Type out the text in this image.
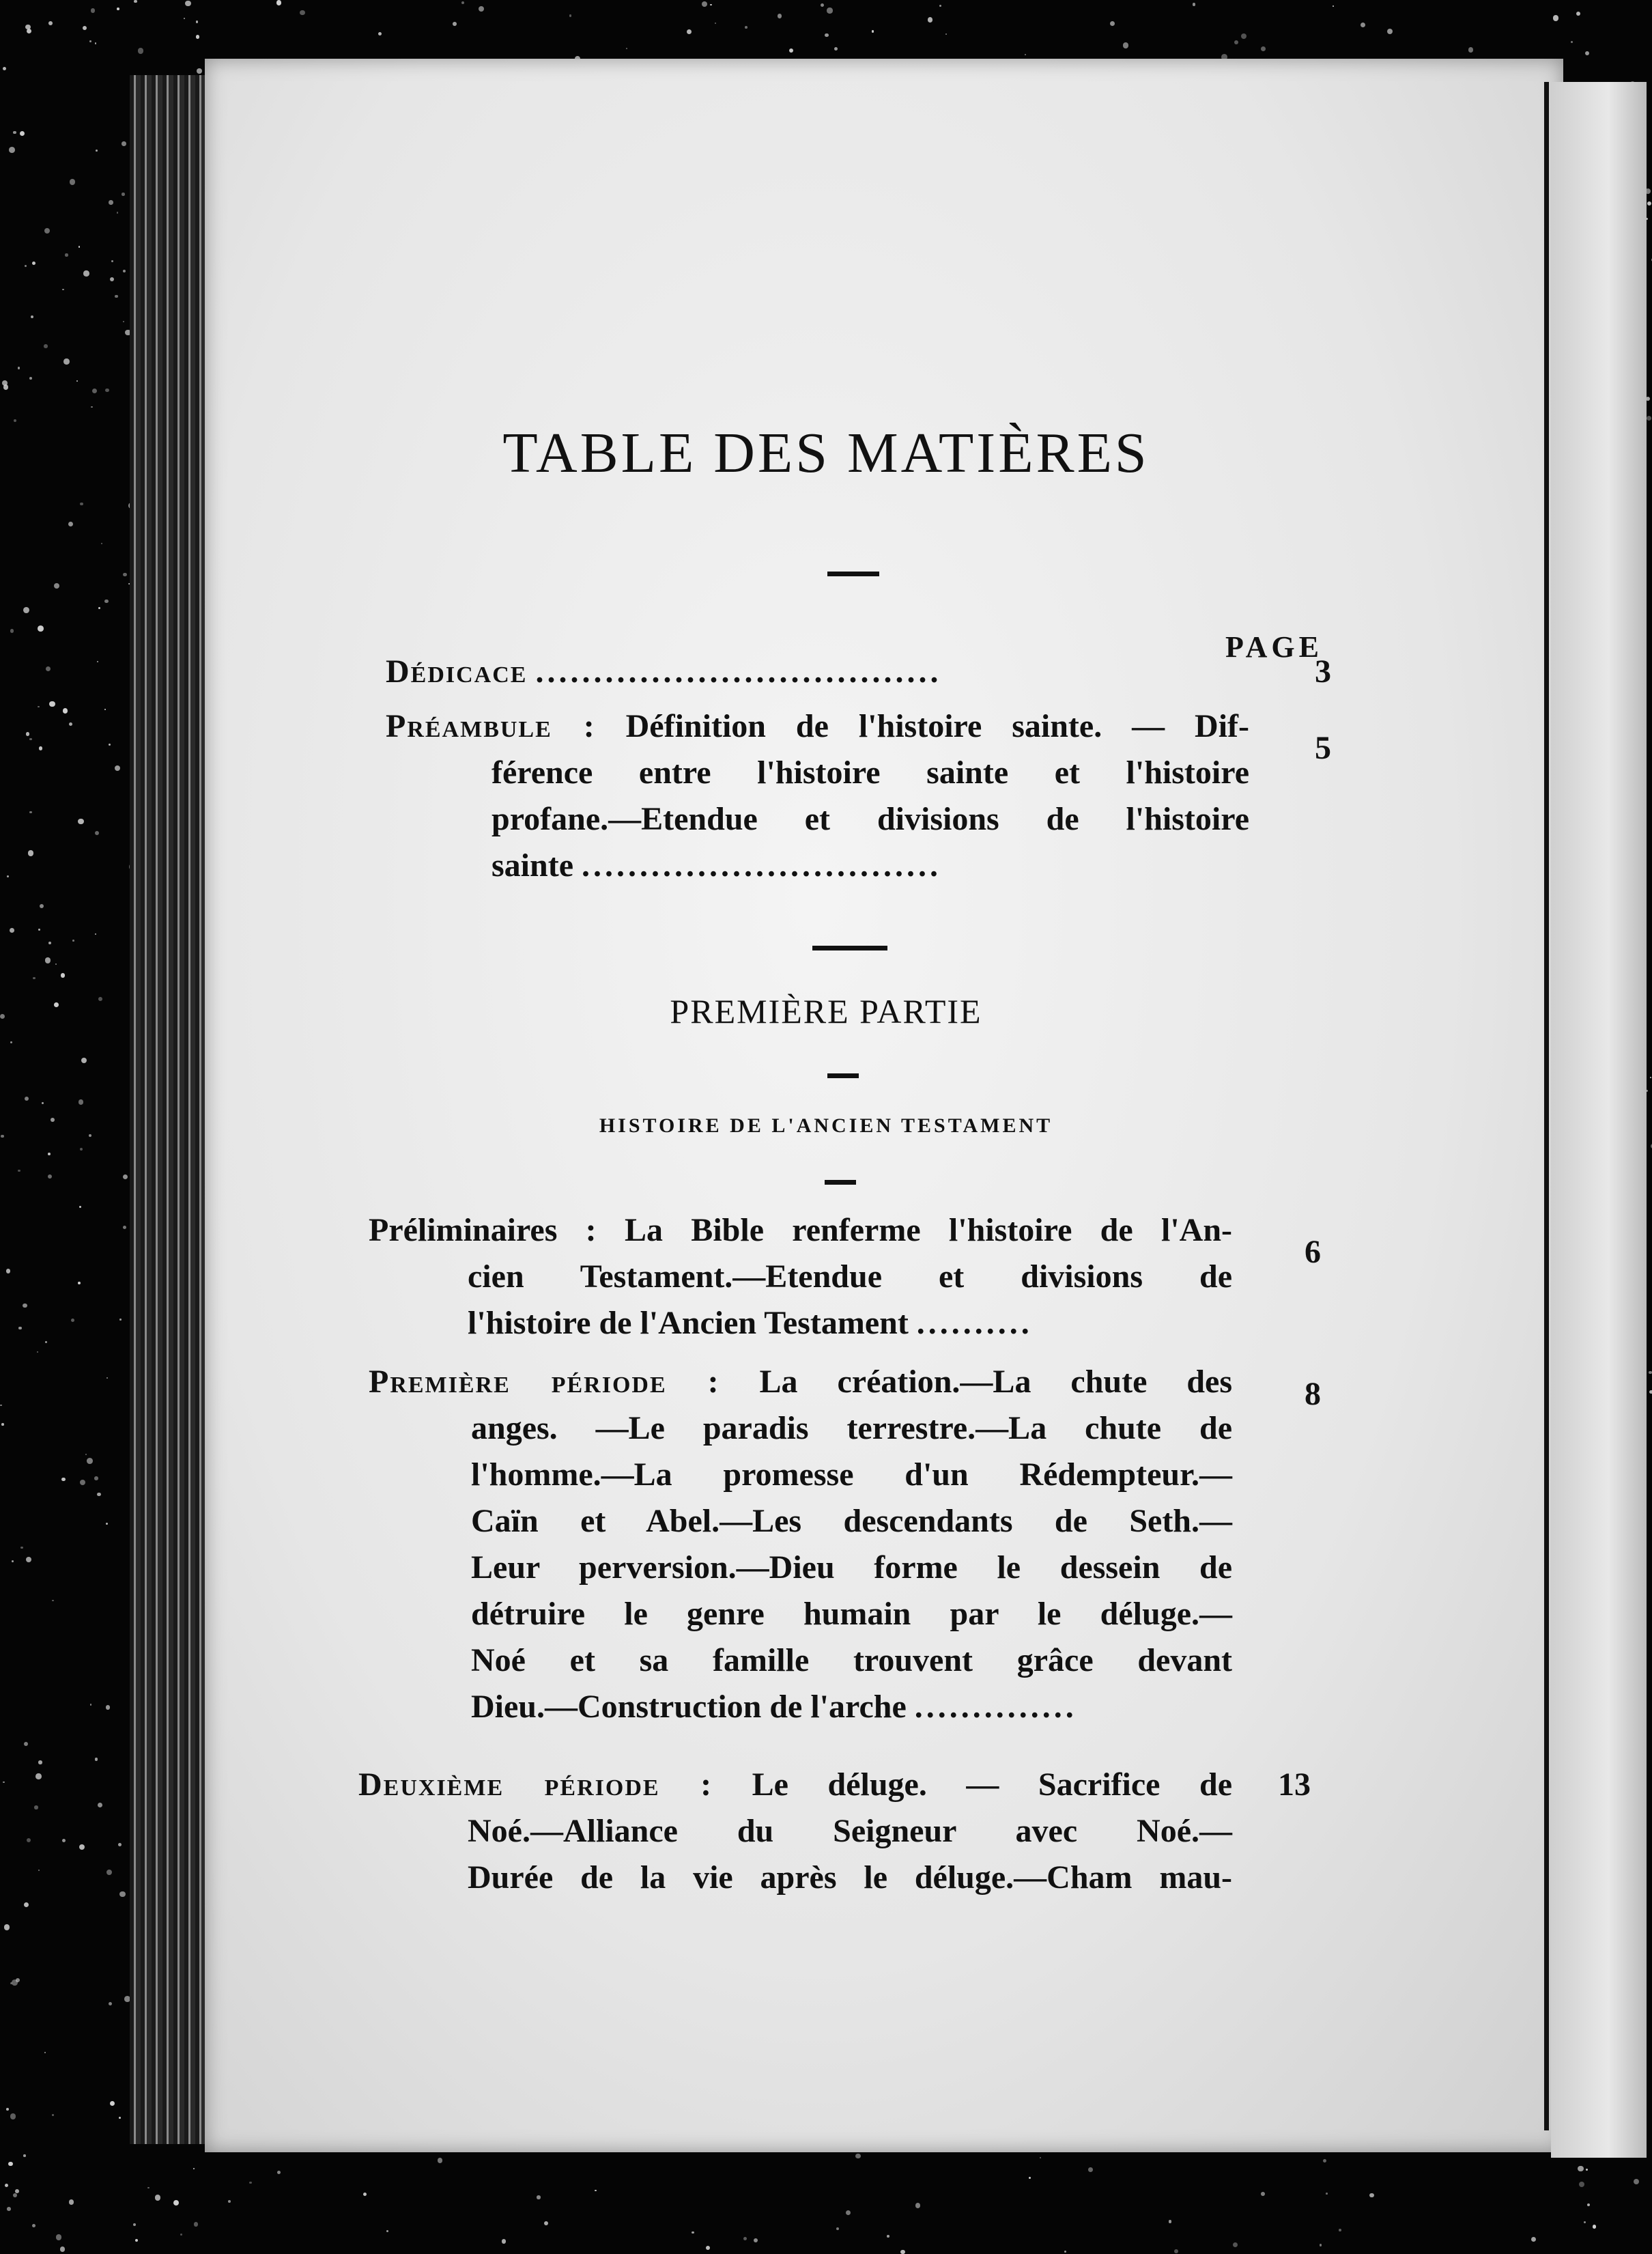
TABLE DES MATIÈRES
PAGE
Dédicace ...................................	3
Préambule : Définition de l'histoire sainte. — Dif-
férence entre l'histoire sainte et l'histoire
profane.—Etendue et divisions de l'histoire
sainte ...............................
5
PREMIÈRE PARTIE
HISTOIRE DE L'ANCIEN TESTAMENT
Préliminaires : La Bible renferme l'histoire de l'An-
cien Testament.—Etendue et divisions de
l'histoire de l'Ancien Testament ..........
6
Première période : La création.—La chute des
anges. —Le paradis terrestre.—La chute de
l'homme.—La promesse d'un Rédempteur.—
Caïn et Abel.—Les descendants de Seth.—
Leur perversion.—Dieu forme le dessein de
détruire le genre humain par le déluge.—
Noé et sa famille trouvent grâce devant
Dieu.—Construction de l'arche ..............
8
Deuxième période : Le déluge. — Sacrifice de
Noé.—Alliance du Seigneur avec Noé.—
Durée de la vie après le déluge.—Cham mau-
13
